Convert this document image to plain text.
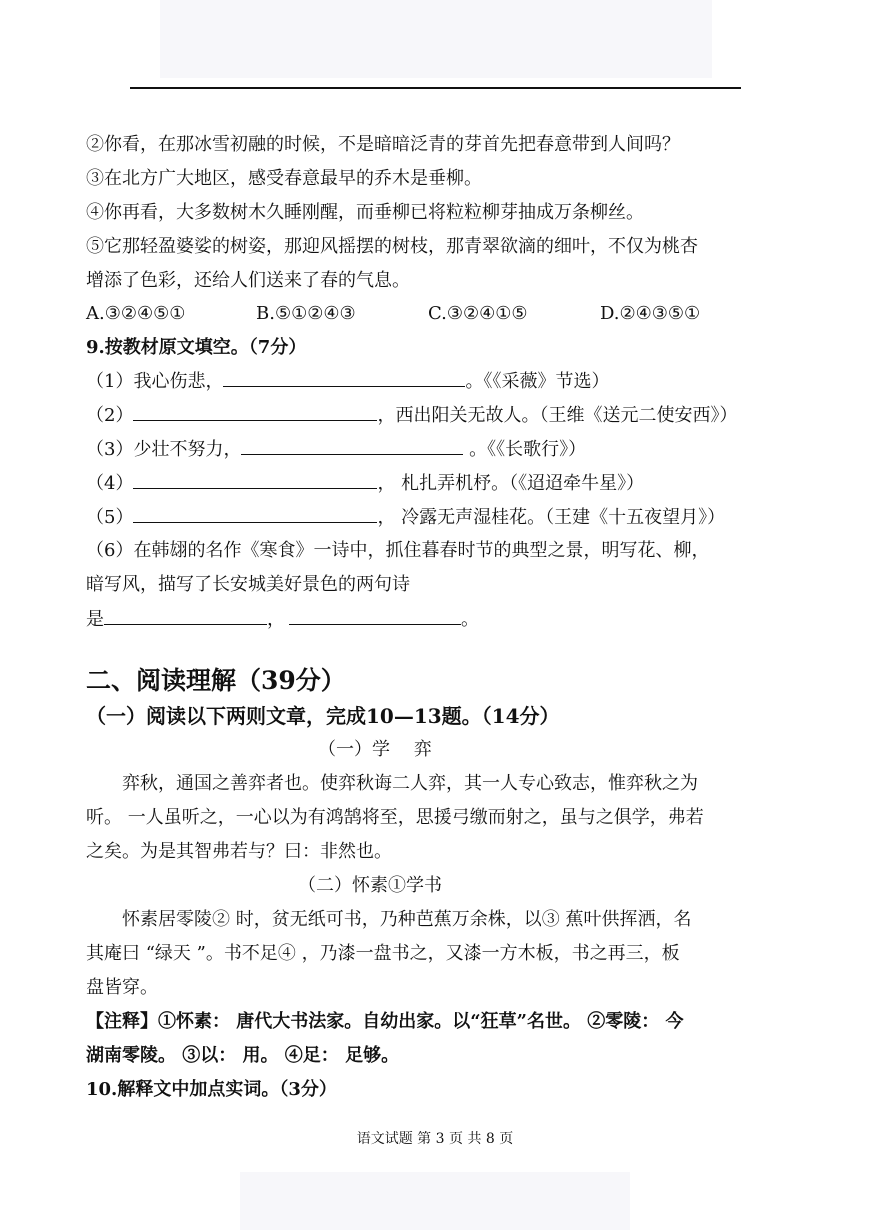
②你看，在那冰雪初融的时候，不是暗暗泛青的芽首先把春意带到人间吗？
③在北方广大地区，感受春意最早的乔木是垂柳。
④你再看，大多数树木久睡刚醒，而垂柳已将粒粒柳芽抽成万条柳丝。
⑤它那轻盈婆娑的树姿，那迎风摇摆的树枝，那青翠欲滴的细叶，不仅为桃杏
增添了色彩，还给人们送来了春的气息。
A.③②④⑤①	B.⑤①②④③	C.③②④①⑤	D.②④③⑤①
9.按教材原文填空。（7分）
（1）我心伤悲，	。《《采薇》节选）
（2）	，西出阳关无故人。（王维《送元二使安西》）
（3）少壮不努力，	。《《长歌行》）
（4）	， 札扎弄机杼。（《迢迢牵牛星》）
（5）	， 冷露无声湿桂花。（王建《十五夜望月》）
（6）在韩翃的名作《寒食》一诗中，抓住暮春时节的典型之景，明写花、柳，
暗写风，描写了长安城美好景色的两句诗
是	，	。
二、阅读理解（39分）
（一）阅读以下两则文章，完成10—13题。（14分）
（一）学　 弈
弈秋，通国之善弈者也。使弈秋诲二人弈，其一人专心致志，惟弈秋之为
听。 一人虽听之，一心以为有鸿鹄将至，思援弓缴而射之，虽与之俱学，弗若
之矣。为是其智弗若与？曰：非然也。
（二）怀素①学书
怀素居零陵② 时，贫无纸可书，乃种芭蕉万余株，以③ 蕉叶供挥洒，名
其庵曰 “绿天 ”。书不足④ ，乃漆一盘书之，又漆一方木板，书之再三，板
盘皆穿。
【注释】①怀素： 唐代大书法家。自幼出家。以“狂草”名世。 ②零陵： 今
湖南零陵。 ③以： 用。 ④足： 足够。
10.解释文中加点实词。（3分）
语文试题 第 3 页 共 8 页
